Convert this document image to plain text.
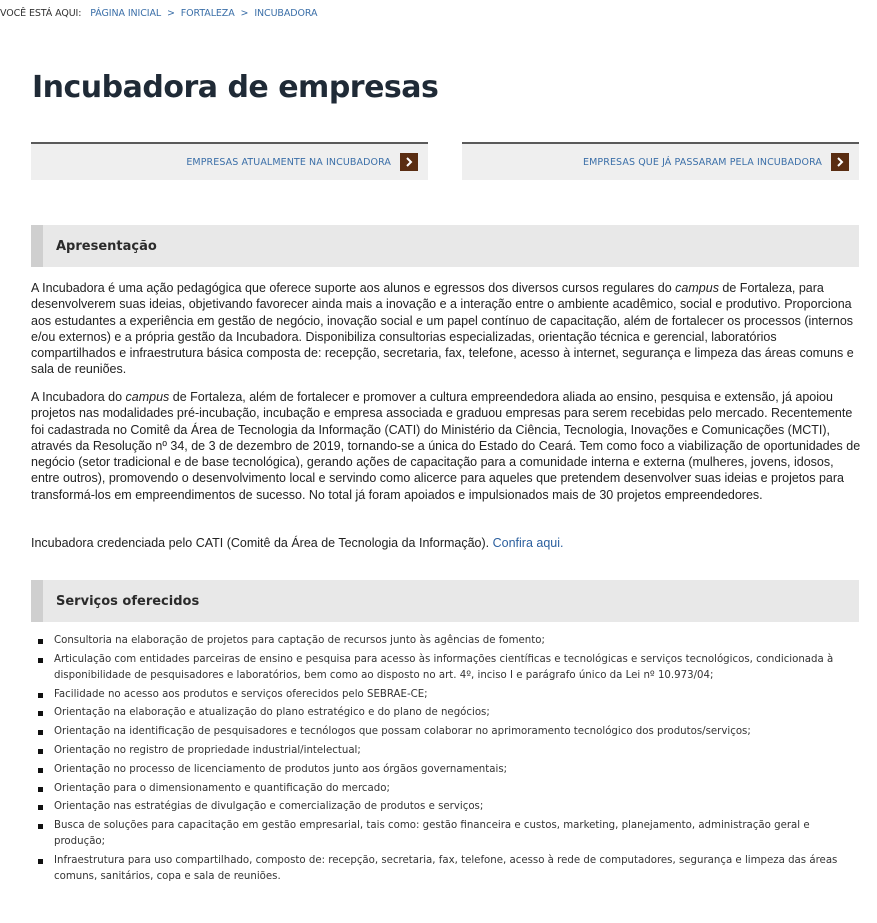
VOCÊ ESTÁ AQUI: PÁGINA INICIAL > FORTALEZA > INCUBADORA
Incubadora de empresas
EMPRESAS ATUALMENTE NA INCUBADORA	EMPRESAS QUE JÁ PASSARAM PELA INCUBADORA
Apresentação

A Incubadora é uma ação pedagógica que oferece suporte aos alunos e egressos dos diversos cursos regulares do campus de Fortaleza, para desenvolverem suas ideias, objetivando favorecer ainda mais a inovação e a interação entre o ambiente acadêmico, social e produtivo. Proporciona aos estudantes a experiência em gestão de negócio, inovação social e um papel contínuo de capacitação, além de fortalecer os processos (internos e/ou externos) e a própria gestão da Incubadora. Disponibiliza consultorias especializadas, orientação técnica e gerencial, laboratórios compartilhados e infraestrutura básica composta de: recepção, secretaria, fax, telefone, acesso à internet, segurança e limpeza das áreas comuns e sala de reuniões.

A Incubadora do campus de Fortaleza, além de fortalecer e promover a cultura empreendedora aliada ao ensino, pesquisa e extensão, já apoiou projetos nas modalidades pré-incubação, incubação e empresa associada e graduou empresas para serem recebidas pelo mercado. Recentemente foi cadastrada no Comitê da Área de Tecnologia da Informação (CATI) do Ministério da Ciência, Tecnologia, Inovações e Comunicações (MCTI), através da Resolução nº 34, de 3 de dezembro de 2019, tornando-se a única do Estado do Ceará. Tem como foco a viabilização de oportunidades de negócio (setor tradicional e de base tecnológica), gerando ações de capacitação para a comunidade interna e externa (mulheres, jovens, idosos, entre outros), promovendo o desenvolvimento local e servindo como alicerce para aqueles que pretendem desenvolver suas ideias e projetos para transformá-los em empreendimentos de sucesso. No total já foram apoiados e impulsionados mais de 30 projetos empreendedores.

Incubadora credenciada pelo CATI (Comitê da Área de Tecnologia da Informação). Confira aqui.

Serviços oferecidos
Consultoria na elaboração de projetos para captação de recursos junto às agências de fomento;
Articulação com entidades parceiras de ensino e pesquisa para acesso às informações científicas e tecnológicas e serviços tecnológicos, condicionada à disponibilidade de pesquisadores e laboratórios, bem como ao disposto no art. 4º, inciso I e parágrafo único da Lei nº 10.973/04;
Facilidade no acesso aos produtos e serviços oferecidos pelo SEBRAE-CE;
Orientação na elaboração e atualização do plano estratégico e do plano de negócios;
Orientação na identificação de pesquisadores e tecnólogos que possam colaborar no aprimoramento tecnológico dos produtos/serviços;
Orientação no registro de propriedade industrial/intelectual;
Orientação no processo de licenciamento de produtos junto aos órgãos governamentais;
Orientação para o dimensionamento e quantificação do mercado;
Orientação nas estratégias de divulgação e comercialização de produtos e serviços;
Busca de soluções para capacitação em gestão empresarial, tais como: gestão financeira e custos, marketing, planejamento, administração geral e produção;
Infraestrutura para uso compartilhado, composto de: recepção, secretaria, fax, telefone, acesso à rede de computadores, segurança e limpeza das áreas comuns, sanitários, copa e sala de reuniões.
